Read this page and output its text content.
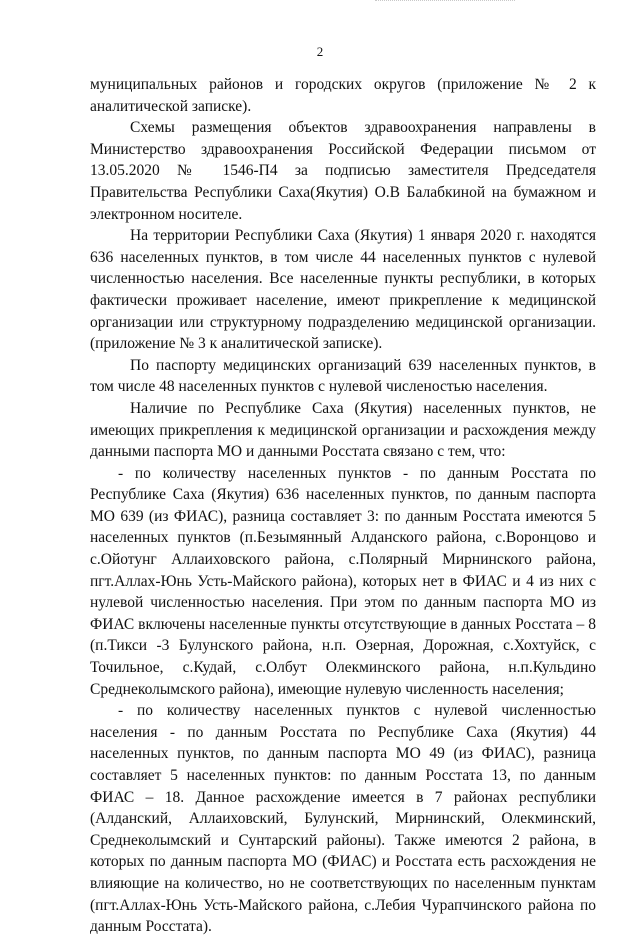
2

муниципальных районов и городских округов (приложение № 2 к аналитической записке).

Схемы размещения объектов здравоохранения направлены в Министерство здравоохранения Российской Федерации письмом от 13.05.2020 № 1546-П4 за подписью заместителя Председателя Правительства Республики Саха(Якутия) О.В Балабкиной на бумажном и электронном носителе.

На территории Республики Саха (Якутия) 1 января 2020 г. находятся 636 населенных пунктов, в том числе 44 населенных пунктов с нулевой численностью населения. Все населенные пункты республики, в которых фактически проживает население, имеют прикрепление к медицинской организации или структурному подразделению медицинской организации. (приложение № 3 к аналитической записке).

По паспорту медицинских организаций 639 населенных пунктов, в том числе 48 населенных пунктов с нулевой численостью населения.

Наличие по Республике Саха (Якутия) населенных пунктов, не имеющих прикрепления к медицинской организации и расхождения между данными паспорта МО и данными Росстата связано с тем, что:

- по количеству населенных пунктов - по данным Росстата по Республике Саха (Якутия) 636 населенных пунктов, по данным паспорта МО 639 (из ФИАС), разница составляет 3: по данным Росстата имеются 5 населенных пунктов (п.Безымянный Алданского района, с.Воронцово и с.Ойотунг Аллаиховского района, с.Полярный Мирнинского района, пгт.Аллах-Юнь Усть-Майского района), которых нет в ФИАС и 4 из них с нулевой численностью населения. При этом по данным паспорта МО из ФИАС включены населенные пункты отсутствующие в данных Росстата – 8 (п.Тикси -3 Булунского района, н.п. Озерная, Дорожная, с.Хохтуйск, с Точильное, с.Кудай, с.Олбут Олекминского района, н.п.Кульдино Среднеколымского района), имеющие нулевую численность населения;

- по количеству населенных пунктов с нулевой численностью населения - по данным Росстата по Республике Саха (Якутия) 44 населенных пунктов, по данным паспорта МО 49 (из ФИАС), разница составляет 5 населенных пунктов: по данным Росстата 13, по данным ФИАС – 18. Данное расхождение имеется в 7 районах республики (Алданский, Аллаиховский, Булунский, Мирнинский, Олекминский, Среднеколымский и Сунтарский районы). Также имеются 2 района, в которых по данным паспорта МО (ФИАС) и Росстата есть расхождения не влияющие на количество, но не соответствующих по населенным пунктам (пгт.Аллах-Юнь Усть-Майского района, с.Лебия Чурапчинского района по данным Росстата).
